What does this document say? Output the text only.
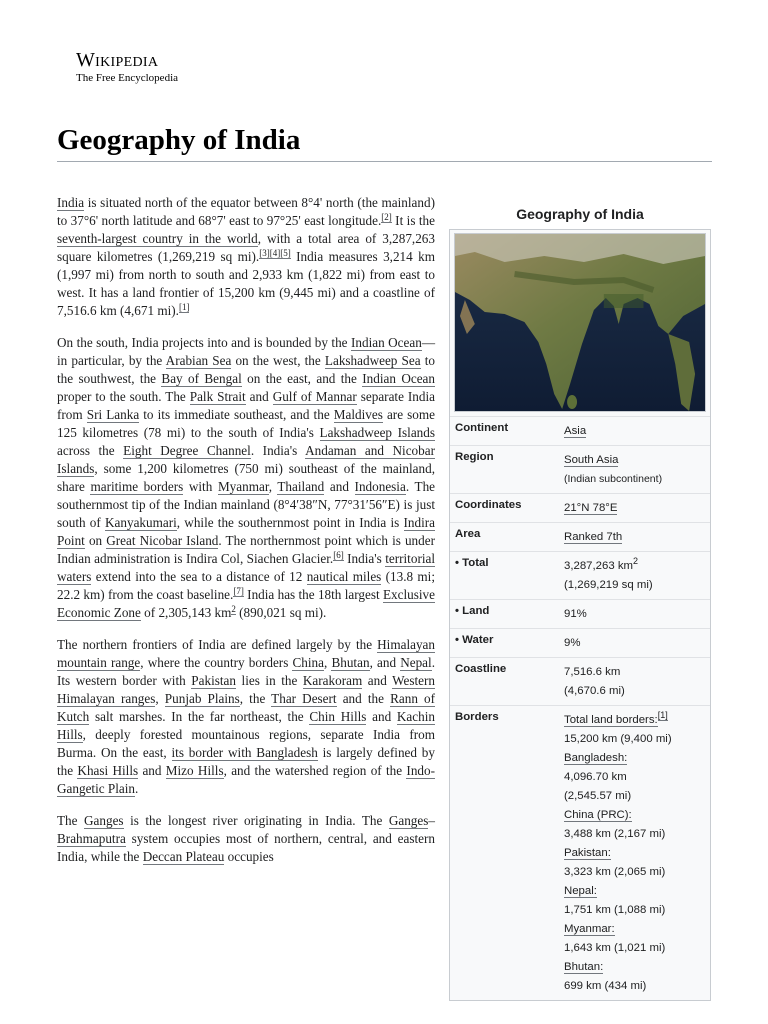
Wikipedia
The Free Encyclopedia
Geography of India

India is situated north of the equator between 8°4' north (the mainland) to 37°6' north latitude and 68°7' east to 97°25' east longitude.[2] It is the seventh-largest country in the world, with a total area of 3,287,263 square kilometres (1,269,219 sq mi).[3][4][5] India measures 3,214 km (1,997 mi) from north to south and 2,933 km (1,822 mi) from east to west. It has a land frontier of 15,200 km (9,445 mi) and a coastline of 7,516.6 km (4,671 mi).[1]

On the south, India projects into and is bounded by the Indian Ocean—in particular, by the Arabian Sea on the west, the Lakshadweep Sea to the southwest, the Bay of Bengal on the east, and the Indian Ocean proper to the south. The Palk Strait and Gulf of Mannar separate India from Sri Lanka to its immediate southeast, and the Maldives are some 125 kilometres (78 mi) to the south of India's Lakshadweep Islands across the Eight Degree Channel. India's Andaman and Nicobar Islands, some 1,200 kilometres (750 mi) southeast of the mainland, share maritime borders with Myanmar, Thailand and Indonesia. The southernmost tip of the Indian mainland (8°4′38″N, 77°31′56″E) is just south of Kanyakumari, while the southernmost point in India is Indira Point on Great Nicobar Island. The northernmost point which is under Indian administration is Indira Col, Siachen Glacier.[6] India's territorial waters extend into the sea to a distance of 12 nautical miles (13.8 mi; 22.2 km) from the coast baseline.[7] India has the 18th largest Exclusive Economic Zone of 2,305,143 km$^2$ (890,021 sq mi).

The northern frontiers of India are defined largely by the Himalayan mountain range, where the country borders China, Bhutan, and Nepal. Its western border with Pakistan lies in the Karakoram and Western Himalayan ranges, Punjab Plains, the Thar Desert and the Rann of Kutch salt marshes. In the far northeast, the Chin Hills and Kachin Hills, deeply forested mountainous regions, separate India from Burma. On the east, its border with Bangladesh is largely defined by the Khasi Hills and Mizo Hills, and the watershed region of the Indo-Gangetic Plain.

The Ganges is the longest river originating in India. The Ganges–Brahmaputra system occupies most of northern, central, and eastern India, while the Deccan Plateau occupies

Geography of India
Continent	Asia
Region	South Asia
(Indian subcontinent)
Coordinates	21°N 78°E
Area	Ranked 7th
• Total	3,287,263 $km^2$
(1,269,219 sq mi)
• Land	91%
• Water	9%
Coastline	7,516.6 km
(4,670.6 mi)
Borders	Total land borders:[1]
15,200 km (9,400 mi)
Bangladesh:
4,096.70 km
(2,545.57 mi)
China (PRC):
3,488 km (2,167 mi)
Pakistan:
3,323 km (2,065 mi)
Nepal:
1,751 km (1,088 mi)
Myanmar:
1,643 km (1,021 mi)
Bhutan:
699 km (434 mi)
